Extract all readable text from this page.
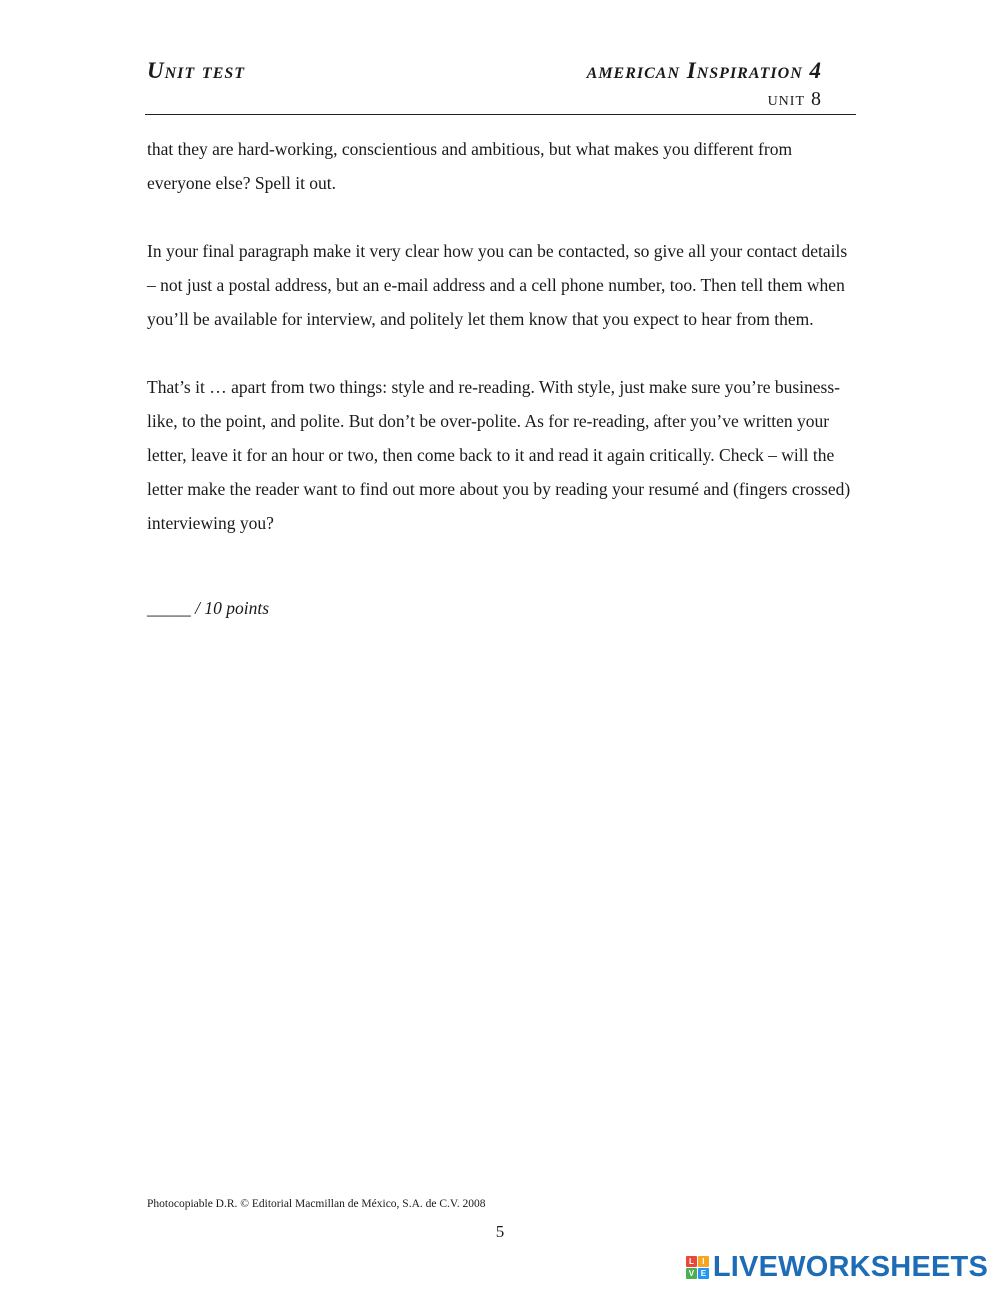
Unit test	american Inspiration 4
unit 8

that they are hard-working, conscientious and ambitious, but what makes you different from everyone else? Spell it out.

In your final paragraph make it very clear how you can be contacted, so give all your contact details – not just a postal address, but an e-mail address and a cell phone number, too. Then tell them when you’ll be available for interview, and politely let them know that you expect to hear from them.

That’s it … apart from two things: style and re-reading. With style, just make sure you’re business-like, to the point, and polite. But don’t be over-polite. As for re-reading, after you’ve written your letter, leave it for an hour or two, then come back to it and read it again critically. Check – will the letter make the reader want to find out more about you by reading your resumé and (fingers crossed) interviewing you?

_____ / 10 points
Photocopiable D.R. © Editorial Macmillan de México, S.A. de C.V. 2008
5
L	I
V E LIVEWORKSHEETS
